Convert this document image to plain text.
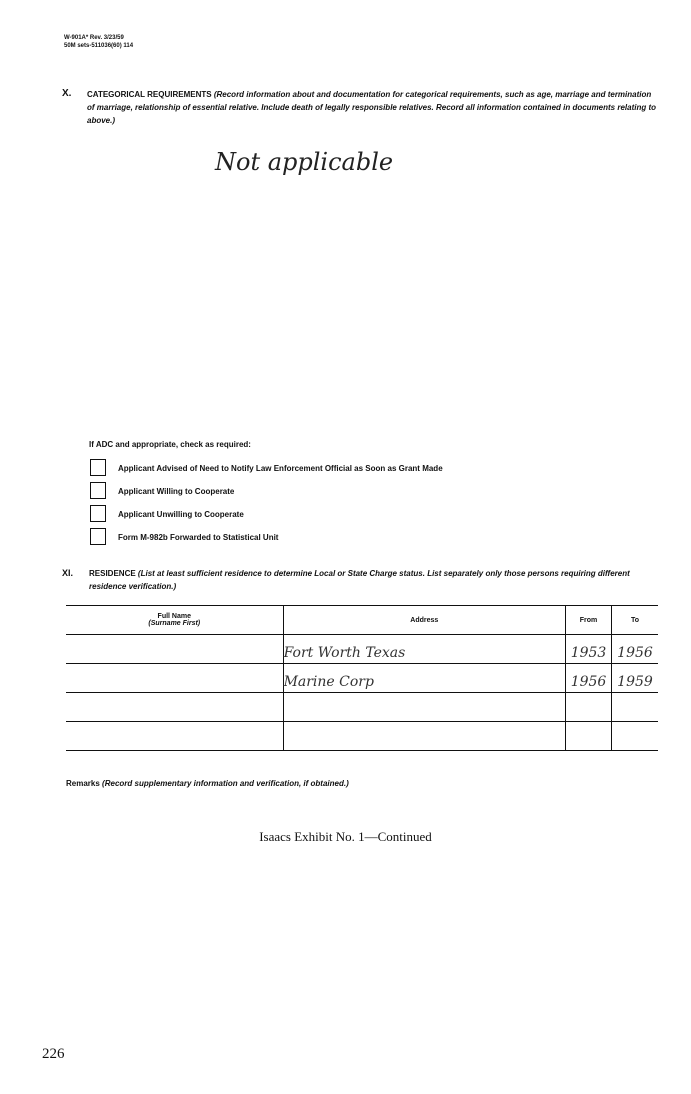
W-901A* Rev. 3/23/59
50M sets-511036(60) 114
X. CATEGORICAL REQUIREMENTS (Record information about and documentation for categorical requirements, such as age, marriage and termination of marriage, relationship of essential relative. Include death of legally responsible relatives. Record all information contained in documents relating to above.)
Not applicable
If ADC and appropriate, check as required:
Applicant Advised of Need to Notify Law Enforcement Official as Soon as Grant Made
Applicant Willing to Cooperate
Applicant Unwilling to Cooperate
Form M-982b Forwarded to Statistical Unit
XI. RESIDENCE (List at least sufficient residence to determine Local or State Charge status. List separately only those persons requiring different residence verification.)
Full Name
(Surname First)	Address	From	To
	Fort Worth Texas	1953	1956
	Marine Corp	1956	1959

Remarks (Record supplementary information and verification, if obtained.)
Isaacs Exhibit No. 1—Continued
226
